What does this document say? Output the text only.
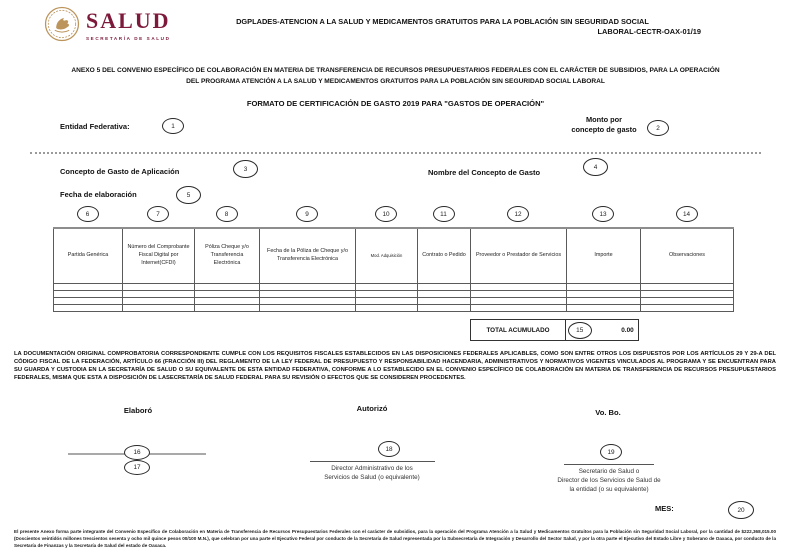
SALUD
SECRETARÍA DE SALUD
DGPLADES-ATENCION A LA SALUD Y MEDICAMENTOS GRATUITOS PARA LA POBLACIÓN SIN SEGURIDAD SOCIAL
LABORAL-CECTR-OAX-01/19
ANEXO 5 DEL CONVENIO ESPECÍFICO DE COLABORACIÓN EN MATERIA DE TRANSFERENCIA DE RECURSOS PRESUPUESTARIOS FEDERALES CON EL CARÁCTER DE SUBSIDIOS, PARA LA OPERACIÓN
DEL PROGRAMA ATENCIÓN A LA SALUD Y MEDICAMENTOS GRATUITOS PARA LA POBLACIÓN SIN SEGURIDAD SOCIAL LABORAL
FORMATO DE CERTIFICACIÓN DE GASTO 2019 PARA "GASTOS DE OPERACIÓN"
Entidad Federativa:	1
Monto por
concepto de gasto	2
Concepto de Gasto de Aplicación	3	Nombre del Concepto de Gasto
4
Fecha de elaboración	5
6	7	8	9	10	11	12	13	14
Partida Genérica	Número del Comprobante Fiscal Digital por Internet(CFDI)	Póliza Cheque y/o Transferencia Electrónica	Fecha de la Póliza de Cheque y/o Transferencia Electrónica	Mod. Adquisición	Contrato o Pedido	Proveedor o Prestador de Servicios	Importe	Observaciones

TOTAL ACUMULADO	15	0.00
LA DOCUMENTACIÓN ORIGINAL COMPROBATORIA CORRESPONDIENTE CUMPLE CON LOS REQUISITOS FISCALES ESTABLECIDOS EN LAS DISPOSICIONES FEDERALES APLICABLES, COMO SON ENTRE OTROS LOS DISPUESTOS POR LOS ARTÍCULOS 29 Y 29-A DEL CÓDIGO FISCAL DE LA FEDERACIÓN, ARTÍCULO 66 (FRACCIÓN III) DEL REGLAMENTO DE LA LEY FEDERAL DE PRESUPUESTO Y RESPONSABILIDAD HACENDARIA, ADMINISTRATIVOS Y NORMATIVOS VIGENTES VINCULADOS AL PROGRAMA Y SE ENCUENTRAN PARA SU GUARDA Y CUSTODIA EN LA SECRETARÍA DE SALUD O SU EQUIVALENTE DE ESTA ENTIDAD FEDERATIVA, CONFORME A LO ESTABLECIDO EN EL CONVENIO ESPECÍFICO DE COLABORACIÓN EN MATERIA DE TRANSFERENCIA DE RECURSOS PRESUPUESTARIOS FEDERALES, MISMA QUE ESTA A DISPOSICIÓN DE LASECRETARÍA DE SALUD FEDERAL PARA SU REVISIÓN O EFECTOS QUE SE CONSIDEREN PROCEDENTES.
Elaboró	Autorizó	Vo. Bo.
16
17
18
Director Administrativo de los
Servicios de Salud (o equivalente)
19
Secretario de Salud o
Director de los Servicios de Salud de
la entidad (o su equivalente)
MES:	20
El presente Anexo forma parte integrante del Convenio Específico de Colaboración en Materia de Transferencia de Recursos Presupuestarios Federales con el carácter de subsidios, para la operación del Programa Atención a la Salud y Medicamentos Gratuitos para la Población sin Seguridad Social Laboral, por la cantidad de $222,368,015.00 (Doscientos veintidós millones trescientos sesenta y ocho mil quince pesos 00/100 M.N.), que celebran por una parte el Ejecutivo Federal por conducto de la Secretaría de Salud representada por la Subsecretaría de Integración y Desarrollo del Sector Salud, y por la otra parte el Ejecutivo del Estado Libre y Soberano de Oaxaca, por conducto de la Secretaría de Finanzas y la Secretaría de Salud del estado de Oaxaca.
